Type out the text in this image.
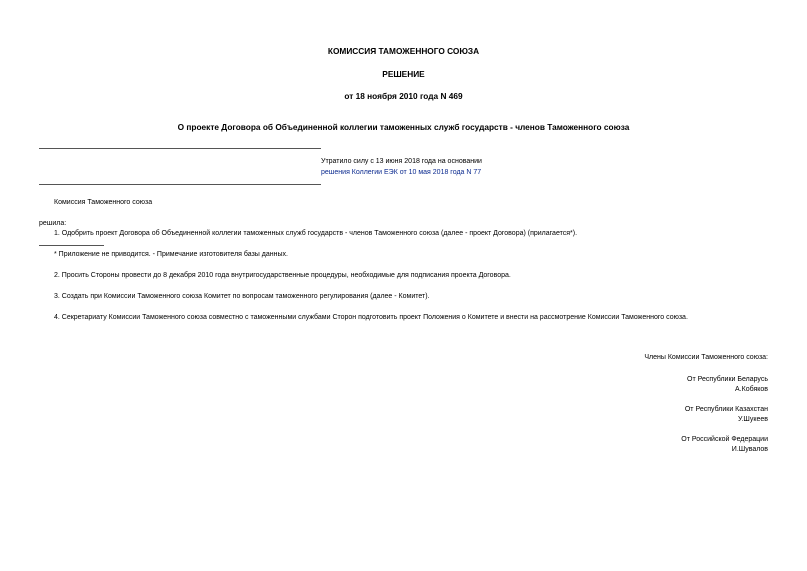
КОМИССИЯ ТАМОЖЕННОГО СОЮЗА
РЕШЕНИЕ
от 18 ноября 2010 года N 469
О проекте Договора об Объединенной коллегии таможенных служб государств - членов Таможенного союза
Утратило силу с 13 июня 2018 года на основании
решения Коллегии ЕЭК от 10 мая 2018 года N 77
Комиссия Таможенного союза
решила:
1. Одобрить проект Договора об Объединенной коллегии таможенных служб государств - членов Таможенного союза (далее - проект Договора) (прилагается*).
* Приложение не приводится. - Примечание изготовителя базы данных.
2. Просить Стороны провести до 8 декабря 2010 года внутригосударственные процедуры, необходимые для подписания проекта Договора.
3. Создать при Комиссии Таможенного союза Комитет по вопросам таможенного регулирования (далее - Комитет).
4. Секретариату Комиссии Таможенного союза совместно с таможенными службами Сторон подготовить проект Положения о Комитете и внести на рассмотрение Комиссии Таможенного союза.
Члены Комиссии Таможенного союза:
От Республики Беларусь
А.Кобяков
От Республики Казахстан
У.Шукеев
От Российской Федерации
И.Шувалов
